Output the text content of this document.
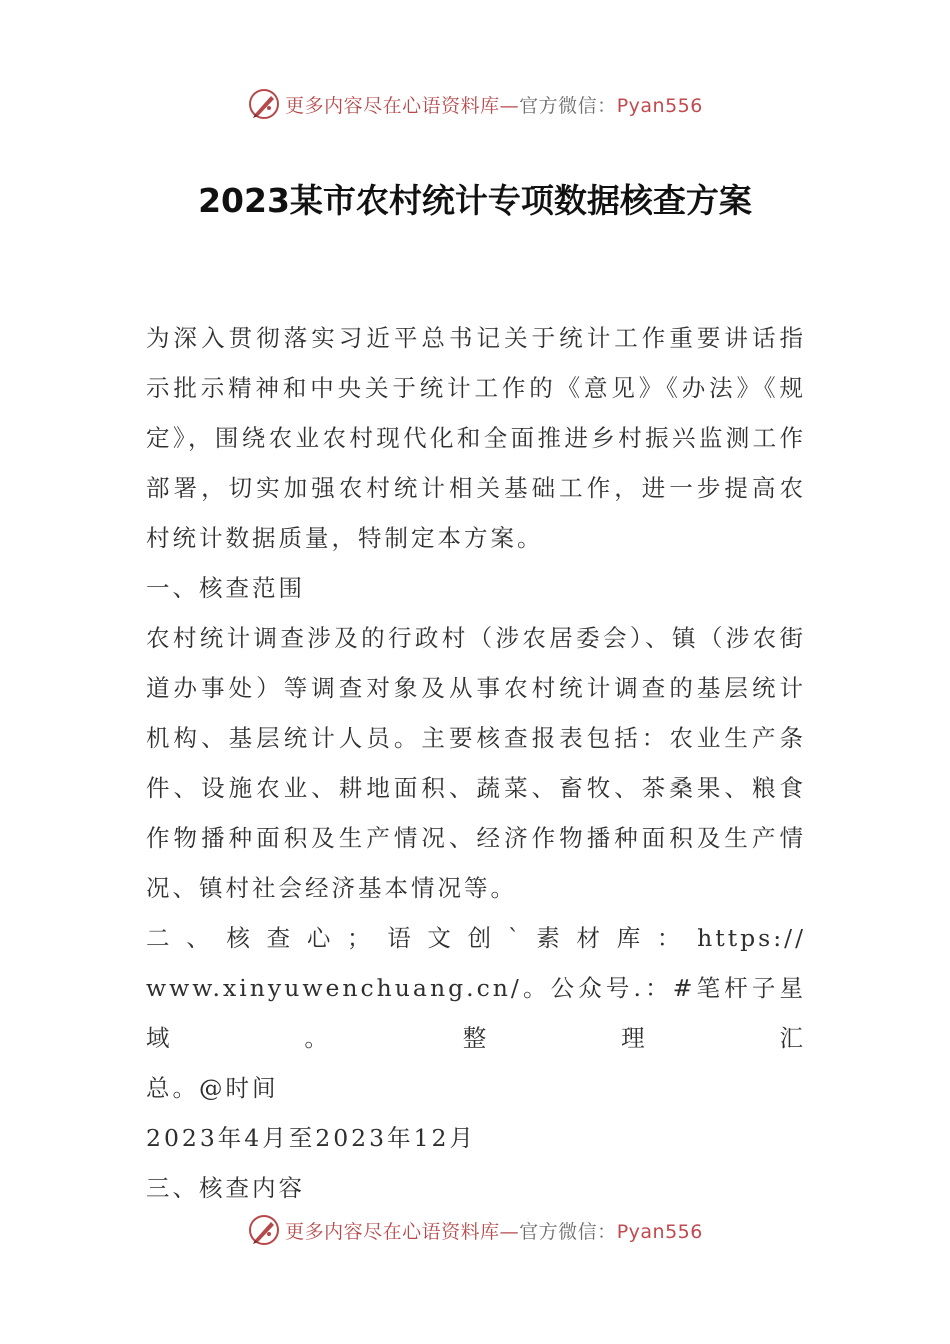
更多内容尽在心语资料库—官方微信：Pyan556
2023某市农村统计专项数据核查方案

为深入贯彻落实习近平总书记关于统计工作重要讲话指示批示精神和中央关于统计工作的《意见》《办法》《规定》，围绕农业农村现代化和全面推进乡村振兴监测工作部署，切实加强农村统计相关基础工作，进一步提高农村统计数据质量，特制定本方案。

一、核查范围

农村统计调查涉及的行政村（涉农居委会）、镇（涉农街道办事处）等调查对象及从事农村统计调查的基层统计机构、基层统计人员。主要核查报表包括：农业生产条件、设施农业、耕地面积、蔬菜、畜牧、茶桑果、粮食作物播种面积及生产情况、经济作物播种面积及生产情况、镇村社会经济基本情况等。

二、核查心；语文创`素材库：https://

www.xinyuwenchuang.cn/。公众号.：#笔杆子星域。整理汇

总。@时间

2023年4月至2023年12月

三、核查内容

更多内容尽在心语资料库—官方微信：Pyan556
